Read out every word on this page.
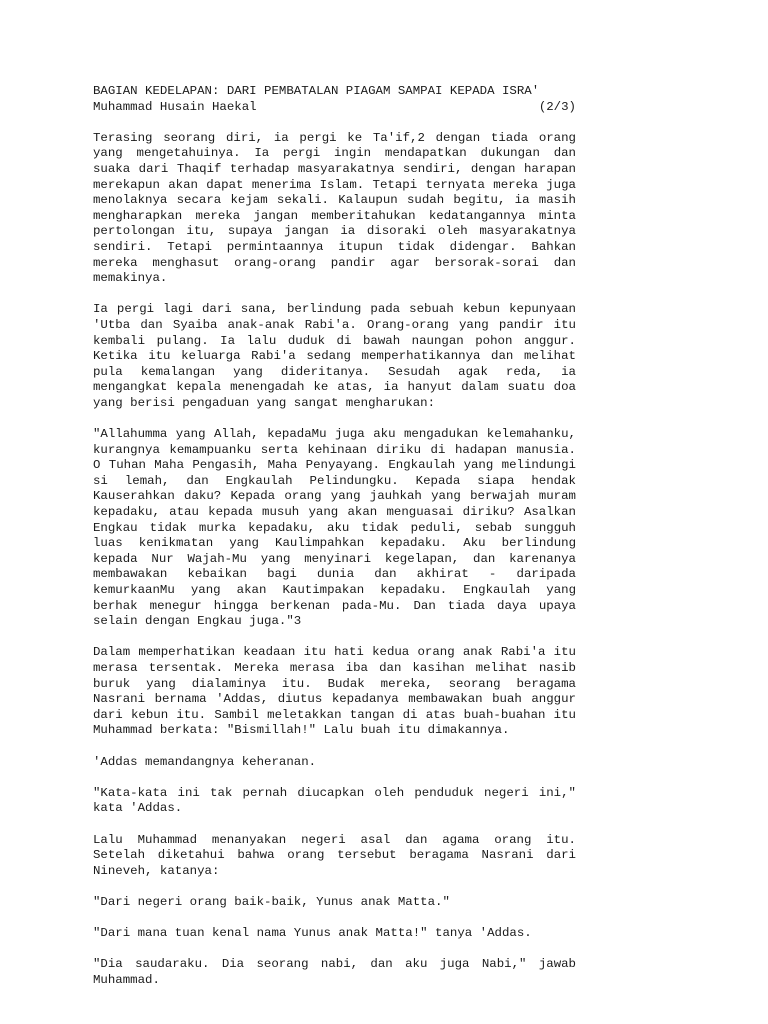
BAGIAN KEDELAPAN: DARI PEMBATALAN PIAGAM SAMPAI KEPADA ISRA'
Muhammad Husain Haekal	(2/3)

Terasing seorang diri, ia pergi ke Ta'if,2 dengan tiada orang yang mengetahuinya. Ia pergi ingin mendapatkan dukungan dan suaka dari Thaqif terhadap masyarakatnya sendiri, dengan harapan merekapun akan dapat menerima Islam. Tetapi ternyata mereka juga menolaknya secara kejam sekali. Kalaupun sudah begitu, ia masih mengharapkan mereka jangan memberitahukan kedatangannya minta pertolongan itu, supaya jangan ia disoraki oleh masyarakatnya sendiri. Tetapi permintaannya itupun tidak didengar. Bahkan mereka menghasut orang-orang pandir agar bersorak-sorai dan memakinya.

Ia pergi lagi dari sana, berlindung pada sebuah kebun kepunyaan 'Utba dan Syaiba anak-anak Rabi'a. Orang-orang yang pandir itu kembali pulang. Ia lalu duduk di bawah naungan pohon anggur. Ketika itu keluarga Rabi'a sedang memperhatikannya dan melihat pula kemalangan yang dideritanya. Sesudah agak reda, ia mengangkat kepala menengadah ke atas, ia hanyut dalam suatu doa yang berisi pengaduan yang sangat mengharukan:

"Allahumma yang Allah, kepadaMu juga aku mengadukan kelemahanku, kurangnya kemampuanku serta kehinaan diriku di hadapan manusia. O Tuhan Maha Pengasih, Maha Penyayang. Engkaulah yang melindungi si lemah, dan Engkaulah Pelindungku. Kepada siapa hendak Kauserahkan daku? Kepada orang yang jauhkah yang berwajah muram kepadaku, atau kepada musuh yang akan menguasai diriku? Asalkan Engkau tidak murka kepadaku, aku tidak peduli, sebab sungguh luas kenikmatan yang Kaulimpahkan kepadaku. Aku berlindung kepada Nur Wajah-Mu yang menyinari kegelapan, dan karenanya membawakan kebaikan bagi dunia dan akhirat - daripada kemurkaanMu yang akan Kautimpakan kepadaku. Engkaulah yang berhak menegur hingga berkenan pada-Mu. Dan tiada daya upaya selain dengan Engkau juga."3

Dalam memperhatikan keadaan itu hati kedua orang anak Rabi'a itu merasa tersentak. Mereka merasa iba dan kasihan melihat nasib buruk yang dialaminya itu. Budak mereka, seorang beragama Nasrani bernama 'Addas, diutus kepadanya membawakan buah anggur dari kebun itu. Sambil meletakkan tangan di atas buah-buahan itu Muhammad berkata: "Bismillah!" Lalu buah itu dimakannya.

'Addas memandangnya keheranan.

"Kata-kata ini tak pernah diucapkan oleh penduduk negeri ini," kata 'Addas.

Lalu Muhammad menanyakan negeri asal dan agama orang itu. Setelah diketahui bahwa orang tersebut beragama Nasrani dari Nineveh, katanya:

"Dari negeri orang baik-baik, Yunus anak Matta."

"Dari mana tuan kenal nama Yunus anak Matta!" tanya 'Addas.

"Dia saudaraku. Dia seorang nabi, dan aku juga Nabi," jawab Muhammad.
